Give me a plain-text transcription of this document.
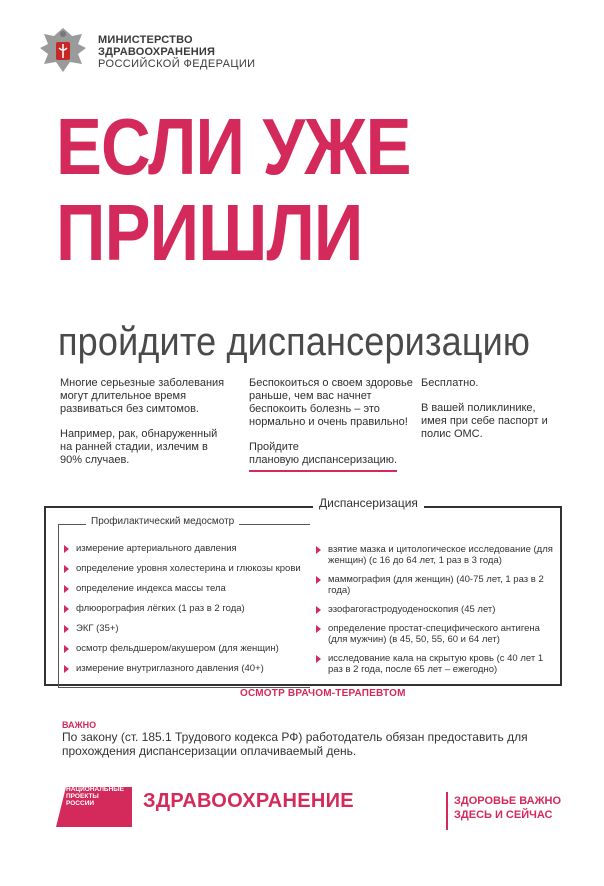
МИНИСТЕРСТВО
ЗДРАВООХРАНЕНИЯ
РОССИЙСКОЙ ФЕДЕРАЦИИ
ЕСЛИ УЖЕ
ПРИШЛИ
пройдите диспансеризацию

Многие серьезные заболевания могут длительное время развиваться без симтомов.

Например, рак, обнаруженный на ранней стадии, излечим в 90% случаев.

Беспокоиться о своем здоровье раньше, чем вас начнет беспокоить болезнь – это нормально и очень правильно!

Пройдите
плановую диспансеризацию.

Бесплатно.

В вашей поликлинике, имея при себе паспорт и полис ОМС.

Диспансеризация
Профилактический медосмотр
измерение артериального давления
определение уровня холестерина и глюкозы крови
определение индекса массы тела
флюорография лёгких (1 раз в 2 года)
ЭКГ (35+)
осмотр фельдшером/акушером (для женщин)
измерение внутриглазного давления (40+)
взятие мазка и цитологическое исследование (для женщин) (с 16 до 64 лет, 1 раз в 3 года)
маммография (для женщин) (40-75 лет, 1 раз в 2 года)
эзофагогастродуоденоскопия (45 лет)
определение простат-специфического антигена (для мужчин) (в 45, 50, 55, 60 и 64 лет)
исследование кала на скрытую кровь (с 40 лет 1 раз в 2 года, после 65 лет – ежегодно)
ОСМОТР ВРАЧОМ-ТЕРАПЕВТОМ
ВАЖНО
По закону (ст. 185.1 Трудового кодекса РФ) работодатель обязан предоставить для прохождения диспансеризации оплачиваемый день.
НАЦИОНАЛЬНЫЕ
ПРОЕКТЫ
РОССИИ	ЗДРАВООХРАНЕНИЕ	ЗДОРОВЬЕ ВАЖНО
ЗДЕСЬ И СЕЙЧАС
